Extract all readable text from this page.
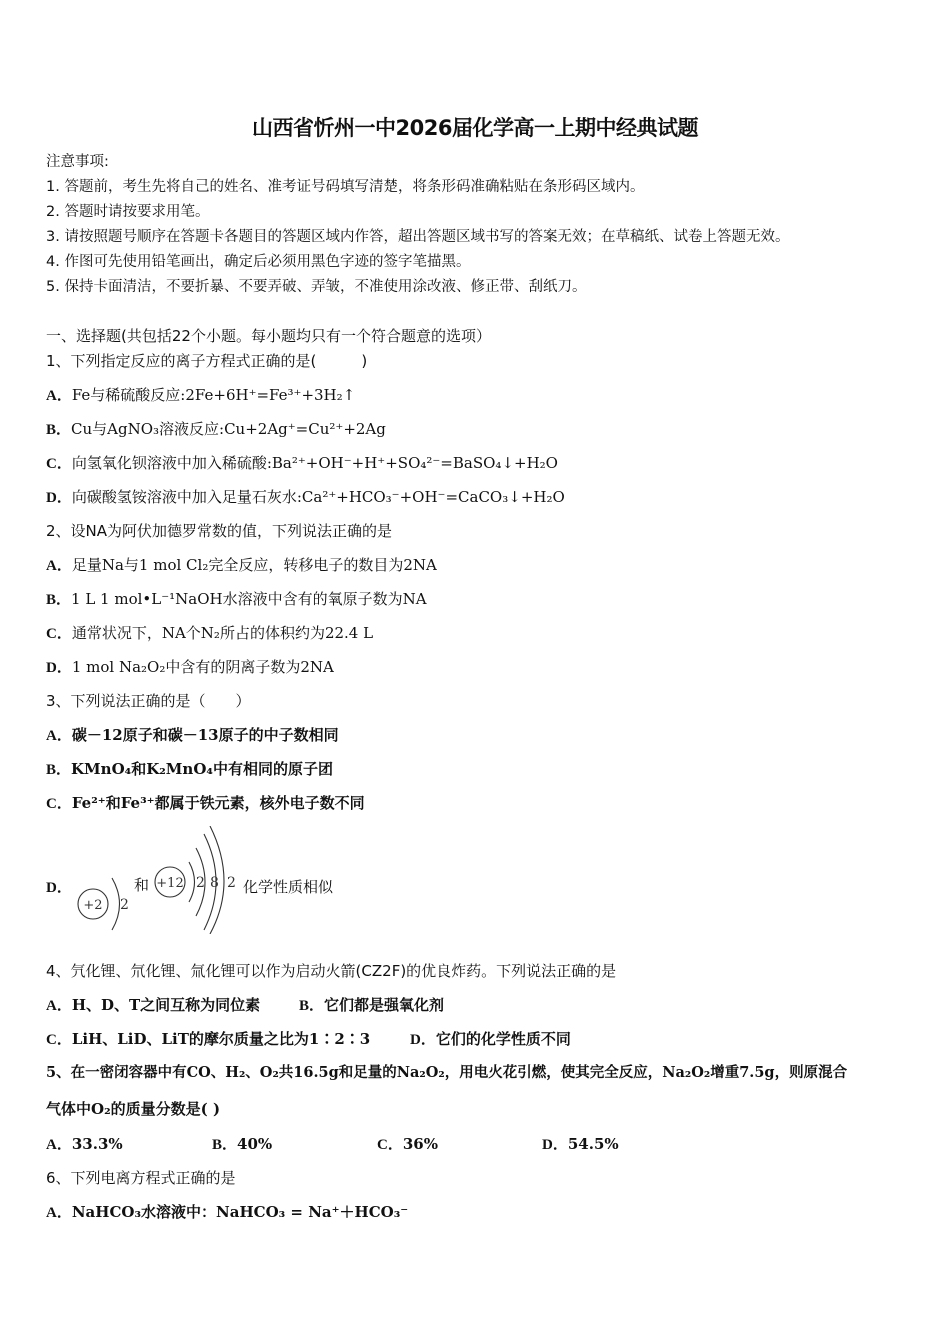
山西省忻州一中2026届化学高一上期中经典试题
注意事项:
1. 答题前，考生先将自己的姓名、准考证号码填写清楚，将条形码准确粘贴在条形码区域内。
2. 答题时请按要求用笔。
3. 请按照题号顺序在答题卡各题目的答题区域内作答，超出答题区域书写的答案无效；在草稿纸、试卷上答题无效。
4. 作图可先使用铅笔画出，确定后必须用黑色字迹的签字笔描黑。
5. 保持卡面清洁，不要折暴、不要弄破、弄皱，不准使用涂改液、修正带、刮纸刀。
一、选择题(共包括22个小题。每小题均只有一个符合题意的选项）
1、下列指定反应的离子方程式正确的是(　　　)
A．Fe与稀硫酸反应:2Fe+6H⁺=Fe³⁺+3H₂↑
B．Cu与AgNO₃溶液反应:Cu+2Ag⁺=Cu²⁺+2Ag
C．向氢氧化钡溶液中加入稀硫酸:Ba²⁺+OH⁻+H⁺+SO₄²⁻=BaSO₄↓+H₂O
D．向碳酸氢铵溶液中加入足量石灰水:Ca²⁺+HCO₃⁻+OH⁻=CaCO₃↓+H₂O
2、设NA为阿伏加德罗常数的值，下列说法正确的是
A．足量Na与1 mol Cl₂完全反应，转移电子的数目为2NA
B．1 L 1 mol•L⁻¹NaOH水溶液中含有的氧原子数为NA
C．通常状况下，NA个N₂所占的体积约为22.4 L
D．1 mol Na₂O₂中含有的阴离子数为2NA
3、下列说法正确的是（　　）
A．碳－12原子和碳－13原子的中子数相同
B．KMnO₄和K₂MnO₄中有相同的原子团
C．Fe²⁺和Fe³⁺都属于铁元素，核外电子数不同
D．
+2 2
和 +12 2 8 2 化学性质相似
4、氕化锂、氘化锂、氚化锂可以作为启动火箭(CZ2F)的优良炸药。下列说法正确的是
A．H、D、T之间互称为同位素	B．它们都是强氧化剂
C．LiH、LiD、LiT的摩尔质量之比为1∶2∶3	D．它们的化学性质不同
5、在一密闭容器中有CO、H₂、O₂共16.5g和足量的Na₂O₂，用电火花引燃，使其完全反应，Na₂O₂增重7.5g，则原混合
气体中O₂的质量分数是( )
A．33.3%	B．40%	C．36%	D．54.5%
6、下列电离方程式正确的是
A．NaHCO₃水溶液中：NaHCO₃ = Na⁺＋HCO₃⁻
